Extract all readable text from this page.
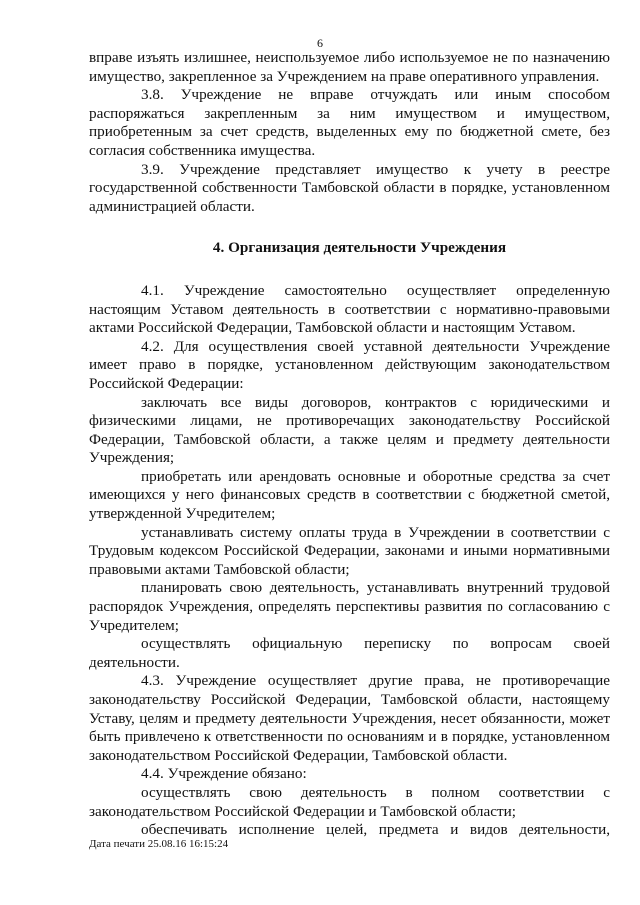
6

вправе изъять излишнее, неиспользуемое либо используемое не по назначению имущество, закрепленное за Учреждением на праве оперативного управления.

3.8. Учреждение не вправе отчуждать или иным способом распоряжаться закрепленным за ним имуществом и имуществом, приобретенным за счет средств, выделенных ему по бюджетной смете, без согласия собственника имущества.

3.9. Учреждение представляет имущество к учету в реестре государственной собственности Тамбовской области в порядке, установленном администрацией области.

4. Организация деятельности Учреждения

4.1. Учреждение самостоятельно осуществляет определенную настоящим Уставом деятельность в соответствии с нормативно-правовыми актами Российской Федерации, Тамбовской области и настоящим Уставом.

4.2. Для осуществления своей уставной деятельности Учреждение имеет право в порядке, установленном действующим законодательством Российской Федерации:

заключать все виды договоров, контрактов с юридическими и физическими лицами, не противоречащих законодательству Российской Федерации, Тамбовской области, а также целям и предмету деятельности Учреждения;

приобретать или арендовать основные и оборотные средства за счет имеющихся у него финансовых средств в соответствии с бюджетной сметой, утвержденной Учредителем;

устанавливать систему оплаты труда в Учреждении в соответствии с Трудовым кодексом Российской Федерации, законами и иными нормативными правовыми актами Тамбовской области;

планировать свою деятельность, устанавливать внутренний трудовой распорядок Учреждения, определять перспективы развития по согласованию с Учредителем;

осуществлять официальную переписку по вопросам своей деятельности.

4.3. Учреждение осуществляет другие права, не противоречащие законодательству Российской Федерации, Тамбовской области, настоящему Уставу, целям и предмету деятельности Учреждения, несет обязанности, может быть привлечено к ответственности по основаниям и в порядке, установленном законодательством Российской Федерации, Тамбовской области.

4.4. Учреждение обязано:

осуществлять свою деятельность в полном соответствии с законодательством Российской Федерации и Тамбовской области;

обеспечивать исполнение целей, предмета и видов деятельности,

Дата печати 25.08.16 16:15:24
